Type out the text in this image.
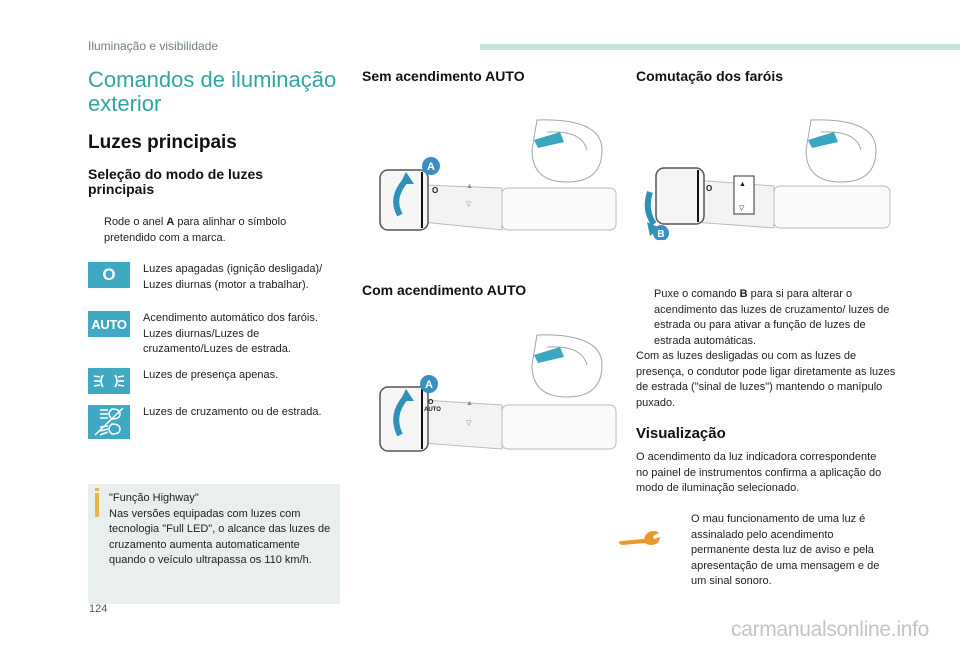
Iluminação e visibilidade
Comandos de iluminação exterior
Luzes principais
Seleção do modo de luzes principais
Rode o anel A para alinhar o símbolo pretendido com a marca.
O Luzes apagadas (ignição desligada)/ Luzes diurnas (motor a trabalhar).
AUTO Acendimento automático dos faróis. Luzes diurnas/Luzes de cruzamento/Luzes de estrada.
Luzes de presença apenas.
Luzes de cruzamento ou de estrada.
"Função Highway"
Nas versões equipadas com luzes com tecnologia "Full LED", o alcance das luzes de cruzamento aumenta automaticamente quando o veículo ultrapassa os 110 km/h.
Sem acendimento AUTO
A
O	▲
▽
Com acendimento AUTO
A
O
AUTO
▲
▽
Comutação dos faróis
B
O	▲
▽
Puxe o comando B para si para alterar o acendimento das luzes de cruzamento/ luzes de estrada ou para ativar a função de luzes de estrada automáticas.
Com as luzes desligadas ou com as luzes de presença, o condutor pode ligar diretamente as luzes de estrada ("sinal de luzes") mantendo o manípulo puxado.
Visualização
O acendimento da luz indicadora correspondente no painel de instrumentos confirma a aplicação do modo de iluminação selecionado.
O mau funcionamento de uma luz é assinalado pelo acendimento permanente desta luz de aviso e pela apresentação de uma mensagem e de um sinal sonoro.
124
carmanualsonline.info
